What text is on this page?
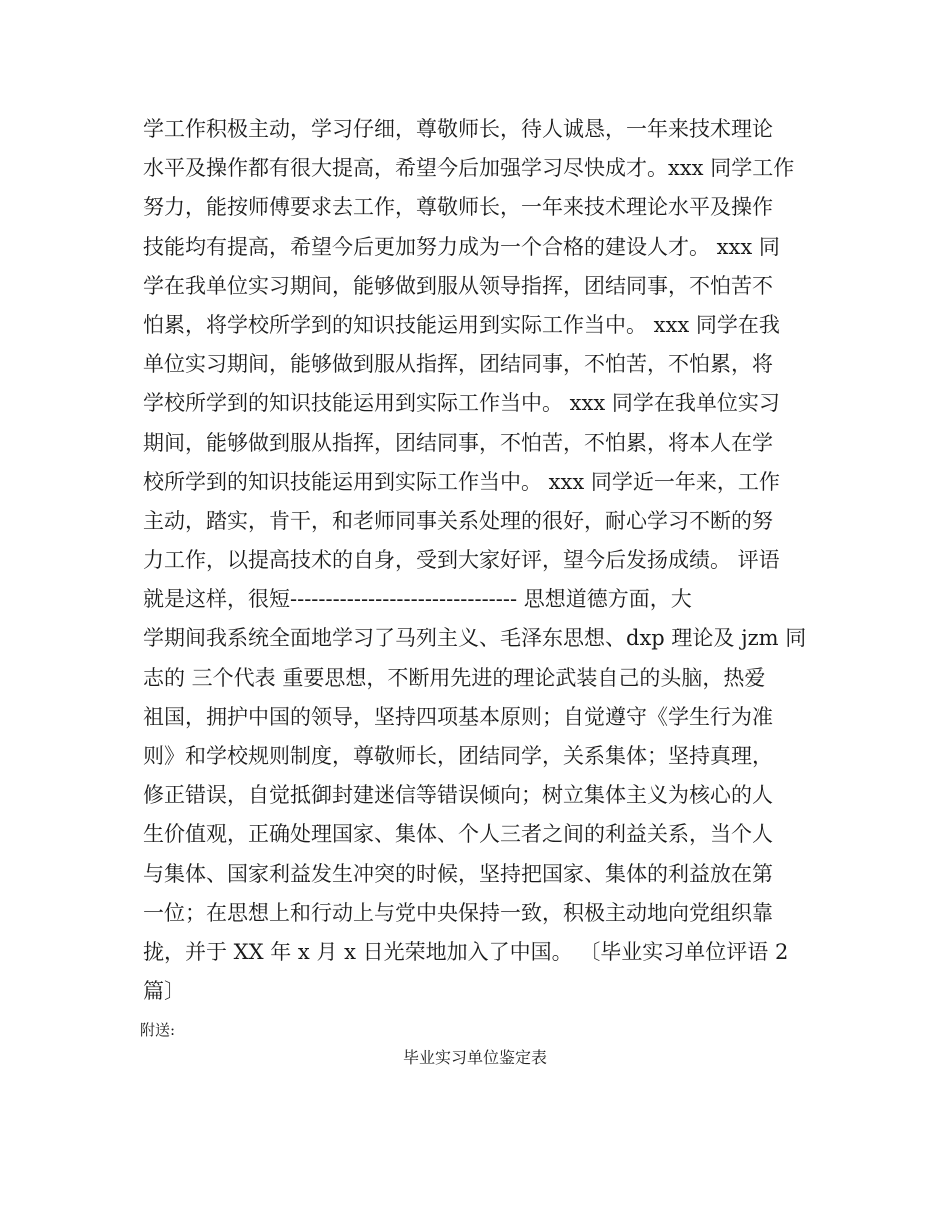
学工作积极主动，学习仔细，尊敬师长，待人诚恳，一年来技术理论
水平及操作都有很大提高，希望今后加强学习尽快成才。xxx 同学工作
努力，能按师傅要求去工作，尊敬师长，一年来技术理论水平及操作
技能均有提高，希望今后更加努力成为一个合格的建设人才。 xxx 同
学在我单位实习期间，能够做到服从领导指挥，团结同事，不怕苦不
怕累，将学校所学到的知识技能运用到实际工作当中。 xxx 同学在我
单位实习期间，能够做到服从指挥，团结同事，不怕苦，不怕累，将
学校所学到的知识技能运用到实际工作当中。 xxx 同学在我单位实习
期间，能够做到服从指挥，团结同事，不怕苦，不怕累，将本人在学
校所学到的知识技能运用到实际工作当中。 xxx 同学近一年来，工作
主动，踏实，肯干，和老师同事关系处理的很好，耐心学习不断的努
力工作，以提高技术的自身，受到大家好评，望今后发扬成绩。 评语
就是这样，很短-------------------------------- 思想道德方面，大
学期间我系统全面地学习了马列主义、毛泽东思想、dxp 理论及 jzm 同
志的 三个代表 重要思想，不断用先进的理论武装自己的头脑，热爱
祖国，拥护中国的领导，坚持四项基本原则；自觉遵守《学生行为准
则》和学校规则制度，尊敬师长，团结同学，关系集体；坚持真理，
修正错误，自觉抵御封建迷信等错误倾向；树立集体主义为核心的人
生价值观，正确处理国家、集体、个人三者之间的利益关系，当个人
与集体、国家利益发生冲突的时候，坚持把国家、集体的利益放在第
一位；在思想上和行动上与党中央保持一致，积极主动地向党组织靠
拢，并于 XX 年 x 月 x 日光荣地加入了中国。 〔毕业实习单位评语 2
篇〕
附送:
毕业实习单位鉴定表
